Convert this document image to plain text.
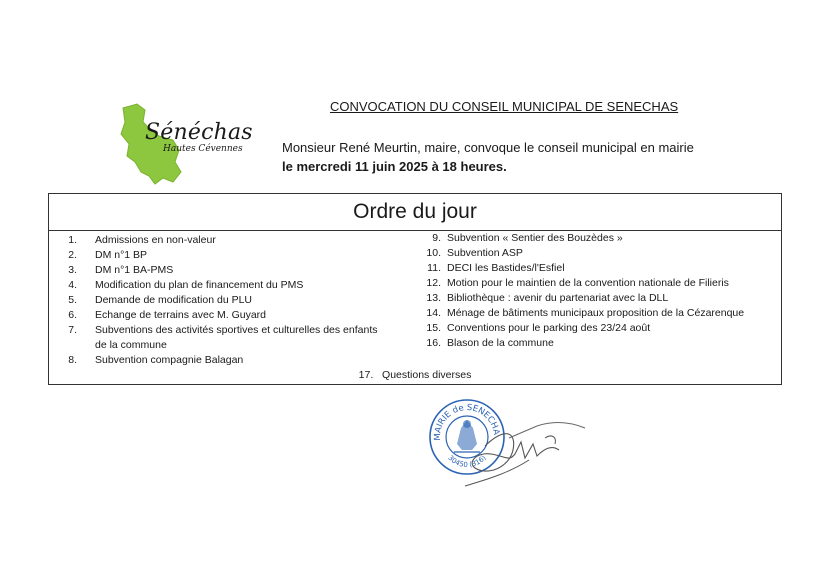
Sénéchas
Hautes Cévennes
CONVOCATION DU CONSEIL MUNICIPAL DE SENECHAS
Monsieur René Meurtin, maire, convoque le conseil municipal en mairie le mercredi 11 juin 2025 à 18 heures.
Ordre du jour
1. Admissions en non-valeur
2. DM n°1 BP
3. DM n°1 BA-PMS
4. Modification du plan de financement du PMS
5. Demande de modification du PLU
6. Echange de terrains avec M. Guyard
7. Subventions des activités sportives et culturelles des enfants de la commune
8. Subvention compagnie Balagan
9. Subvention « Sentier des Bouzèdes »
10. Subvention ASP
11. DECI les Bastides/l'Esfiel
12. Motion pour le maintien de la convention nationale de Filieris
13. Bibliothèque : avenir du partenariat avec la DLL
14. Ménage de bâtiments municipaux proposition de la Cézarenque
15. Conventions pour le parking des 23/24 août
16. Blason de la commune
17. Questions diverses
MAIRIE de SENECHA
30450 (316)
